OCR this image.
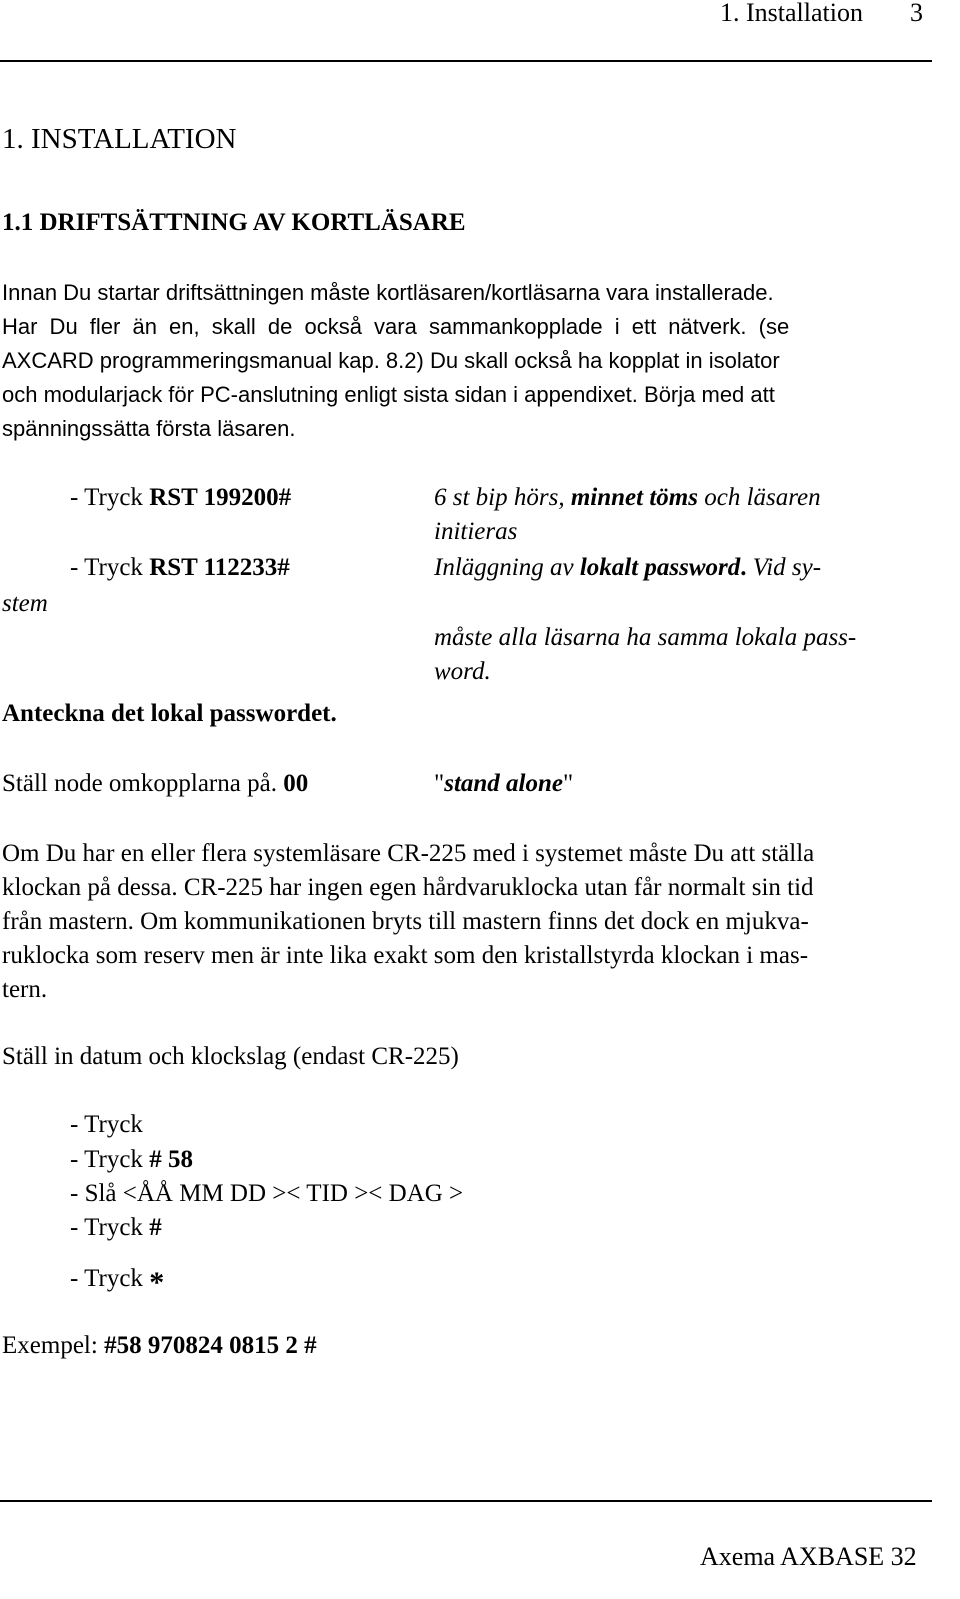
1. Installation 3
1. INSTALLATION
1.1 DRIFTSÄTTNING AV KORTLÄSARE
Innan Du startar driftsättningen måste kortläsaren/kortläsarna vara installerade.
Har Du fler än en, skall de också vara sammankopplade i ett nätverk. (se
AXCARD programmeringsmanual kap. 8.2) Du skall också ha kopplat in isolator
och modularjack för PC-anslutning enligt sista sidan i appendixet. Börja med att
spänningssätta första läsaren.
- Tryck RST 199200#	6 st bip hörs, minnet töms och läsaren
initieras
- Tryck RST 112233#	Inläggning av lokalt password. Vid sy-
stem
måste alla läsarna ha samma lokala pass-
word.
Anteckna det lokal passwordet.
Ställ node omkopplarna på. 00	"stand alone"
Om Du har en eller flera systemläsare CR-225 med i systemet måste Du att ställa
klockan på dessa. CR-225 har ingen egen hårdvaruklocka utan får normalt sin tid
från mastern. Om kommunikationen bryts till mastern finns det dock en mjukva-
ruklocka som reserv men är inte lika exakt som den kristallstyrda klockan i mas-
tern.
Ställ in datum och klockslag (endast CR-225)
- Tryck
- Tryck # 58
- Slå <ÅÅ MM DD >< TID >< DAG >
- Tryck #
- Tryck *
Exempel: #58 970824 0815 2 #
Axema AXBASE 32
